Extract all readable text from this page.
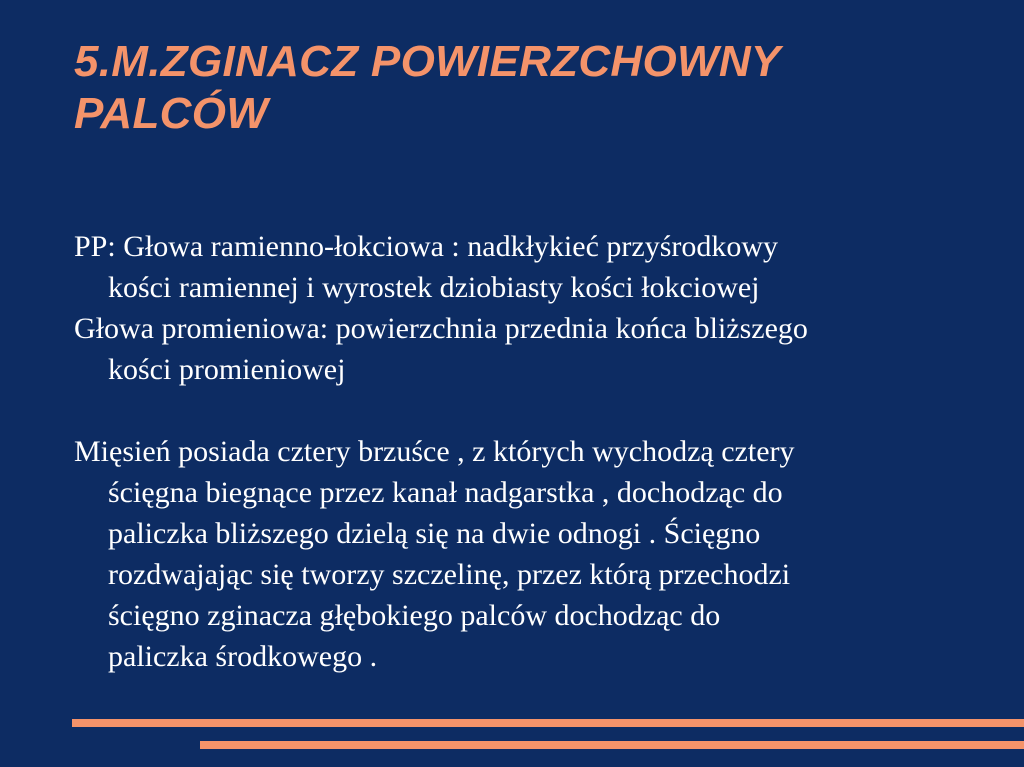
5.M.ZGINACZ POWIERZCHOWNY
PALCÓW

PP: Głowa ramienno-łokciowa : nadkłykieć przyśrodkowy
kości ramiennej i wyrostek dziobiasty kości łokciowej

Głowa promieniowa: powierzchnia przednia końca bliższego
kości promieniowej

Mięsień posiada cztery brzuśce , z których wychodzą cztery
ścięgna biegnące przez kanał nadgarstka , dochodząc do
paliczka bliższego dzielą się na dwie odnogi . Ścięgno
rozdwajając się tworzy szczelinę, przez którą przechodzi
ścięgno zginacza głębokiego palców dochodząc do
paliczka środkowego .
